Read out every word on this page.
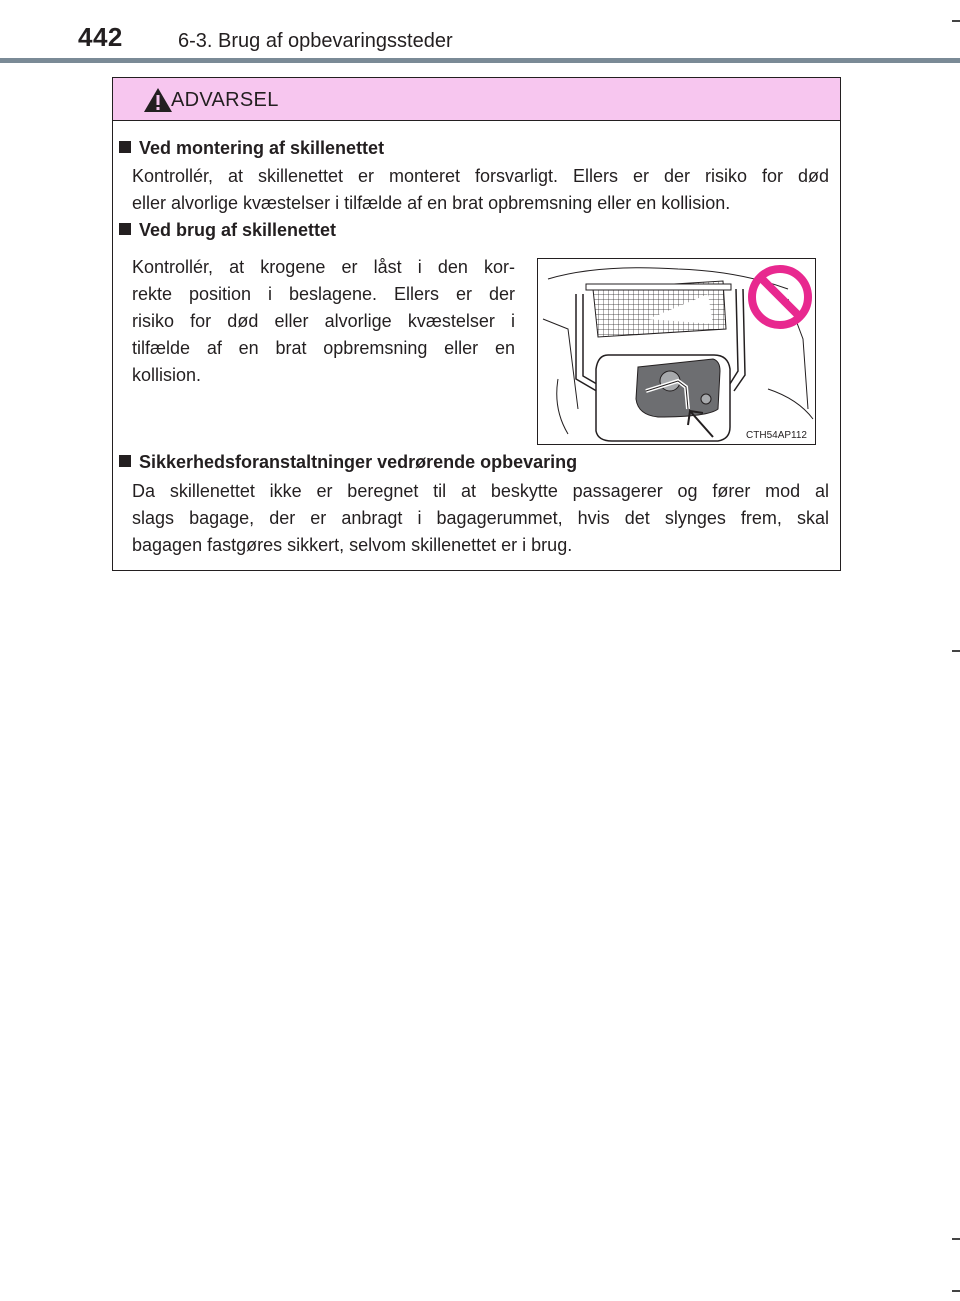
442	6-3. Brug af opbevaringssteder
ADVARSEL
Ved montering af skillenettet
Kontrollér, at skillenettet er monteret forsvarligt. Ellers er der risiko for død
eller alvorlige kvæstelser i tilfælde af en brat opbremsning eller en kollision.
Ved brug af skillenettet
Kontrollér, at krogene er låst i den kor-
rekte position i beslagene. Ellers er der
risiko for død eller alvorlige kvæstelser i
tilfælde af en brat opbremsning eller en
kollision.
Sikkerhedsforanstaltninger vedrørende opbevaring
Da skillenettet ikke er beregnet til at beskytte passagerer og fører mod al
slags bagage, der er anbragt i bagagerummet, hvis det slynges frem, skal
bagagen fastgøres sikkert, selvom skillenettet er i brug.
CTH54AP112
